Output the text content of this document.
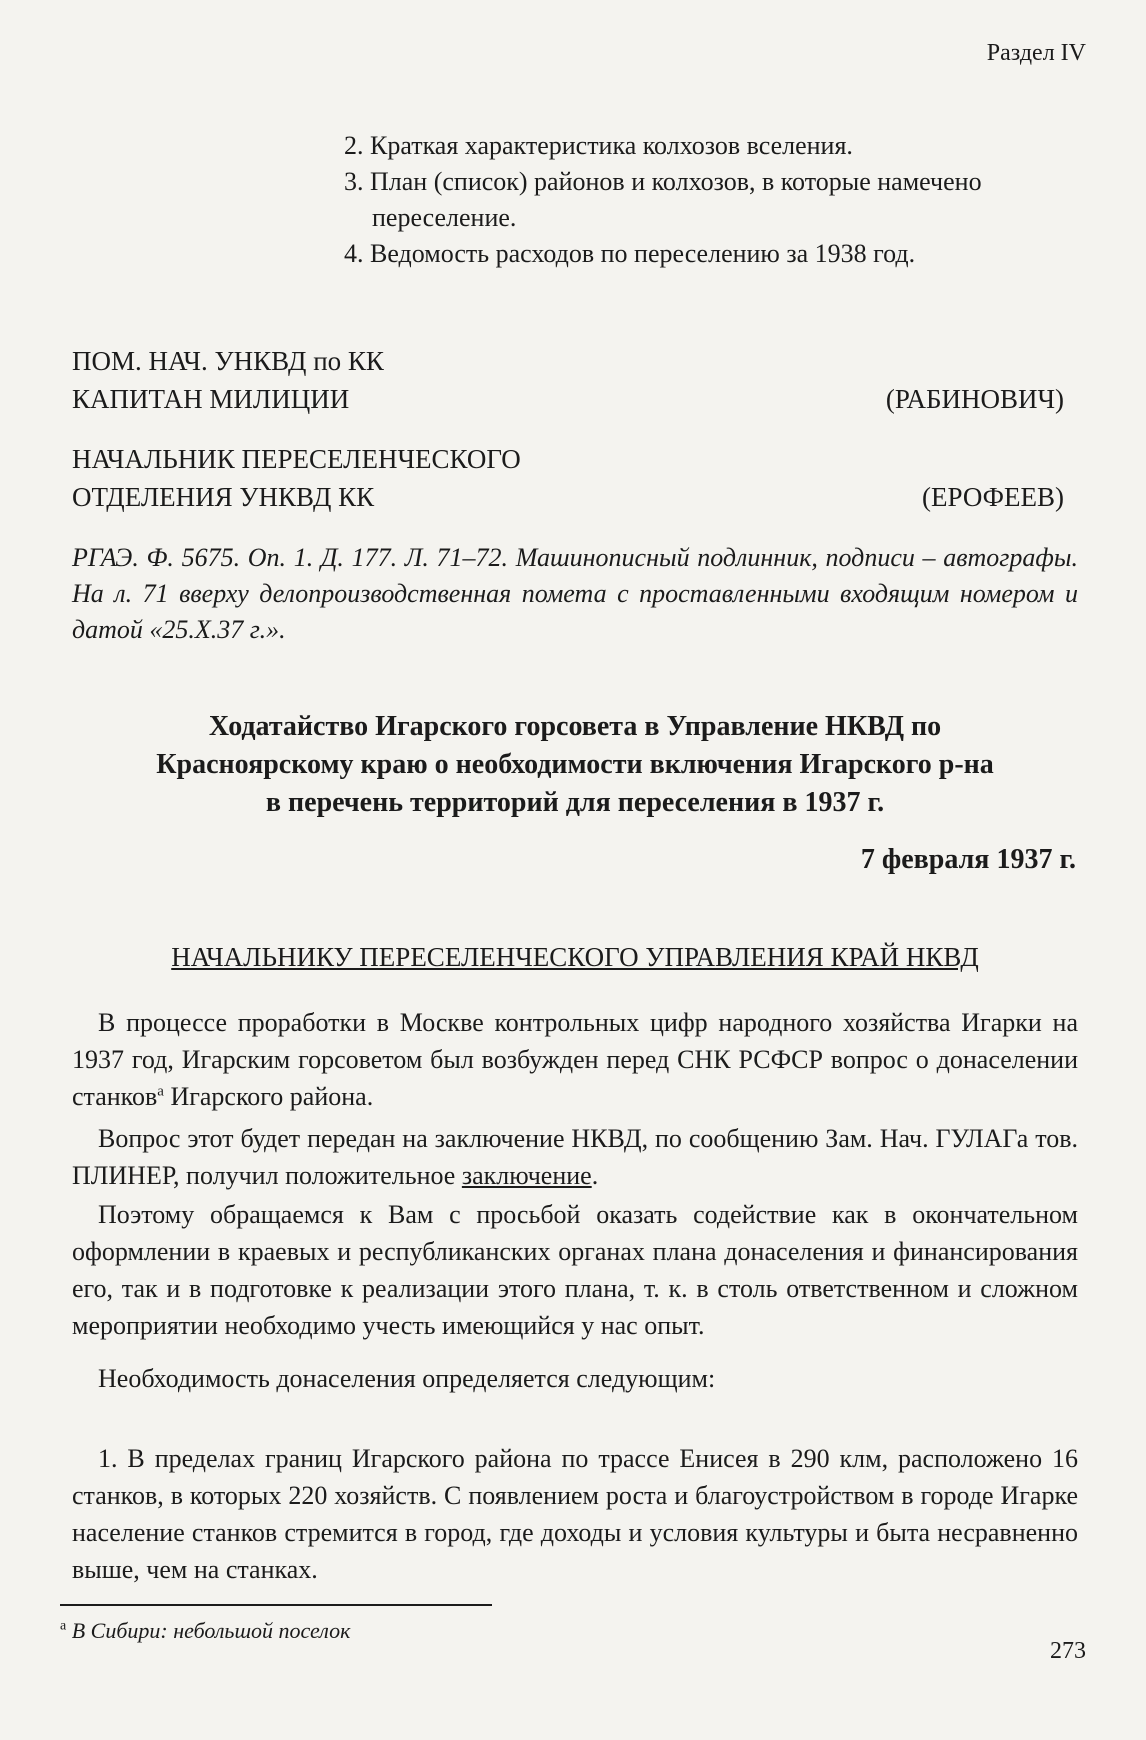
Раздел IV

2. Краткая характеристика колхозов вселения.

3. План (список) районов и колхозов, в которые намечено переселение.

4. Ведомость расходов по переселению за 1938 год.

ПОМ. НАЧ. УНКВД по КК
КАПИТАН МИЛИЦИИ	(РАБИНОВИЧ)
НАЧАЛЬНИК ПЕРЕСЕЛЕНЧЕСКОГО
ОТДЕЛЕНИЯ УНКВД КК	(ЕРОФЕЕВ)
РГАЭ. Ф. 5675. Оп. 1. Д. 177. Л. 71–72. Машинописный подлинник, подписи – автографы. На л. 71 вверху делопроизводственная помета с проставленными входящим номером и датой «25.X.37 г.».

Ходатайство Игарского горсовета в Управление НКВД по

Красноярскому краю о необходимости включения Игарского р-на

в перечень территорий для переселения в 1937 г.

7 февраля 1937 г.
НАЧАЛЬНИКУ ПЕРЕСЕЛЕНЧЕСКОГО УПРАВЛЕНИЯ КРАЙ НКВД

В процессе проработки в Москве контрольных цифр народного хозяйства Игарки на 1937 год, Игарским горсоветом был возбужден перед СНК РСФСР вопрос о донаселении станков$^а$ Игарского района.

Вопрос этот будет передан на заключение НКВД, по сообщению Зам. Нач. ГУЛАГа тов. ПЛИНЕР, получил положительное заключение.

Поэтому обращаемся к Вам с просьбой оказать содействие как в окончательном оформлении в краевых и республиканских органах плана донаселения и финансирования его, так и в подготовке к реализации этого плана, т. к. в столь ответственном и сложном мероприятии необходимо учесть имеющийся у нас опыт.

Необходимость донаселения определяется следующим:

1. В пределах границ Игарского района по трассе Енисея в 290 клм, расположено 16 станков, в которых 220 хозяйств. С появлением роста и благоустройством в городе Игарке население станков стремится в город, где доходы и условия культуры и быта несравненно выше, чем на станках.

$^а$ В Сибири: небольшой поселок
273
